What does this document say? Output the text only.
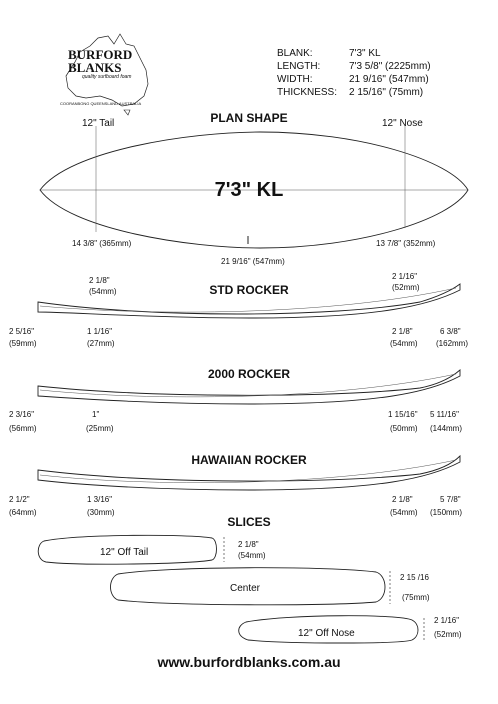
BURFORD
BLANKS
quality surfboard foam
COORANBONG QUEENSLAND AUSTRALIA
BLANK:	7'3" KL
LENGTH:	7'3 5/8" (2225mm)
WIDTH:	21 9/16" (547mm)
THICKNESS:	2 15/16" (75mm)
PLAN SHAPE
12" Tail	12" Nose
7'3" KL
14 3/8" (365mm)	13 7/8" (352mm)
21 9/16" (547mm)
2 1/8"
(54mm)
2 1/16"
(52mm)
STD ROCKER
2 5/16"
(59mm)
1 1/16"
(27mm)
2 1/8"
(54mm)
6 3/8"
(162mm)
2000 ROCKER
2 3/16"
(56mm)
1"
(25mm)
1 15/16"
(50mm)
5 11/16"
(144mm)
HAWAIIAN ROCKER
2 1/2"
(64mm)
1 3/16"
(30mm)
2 1/8"
(54mm)
5 7/8"
(150mm)
SLICES
12" Off Tail
2 1/8"
(54mm)
Center
2 15 /16
(75mm)
12" Off Nose
2 1/16"
(52mm)
www.burfordblanks.com.au
